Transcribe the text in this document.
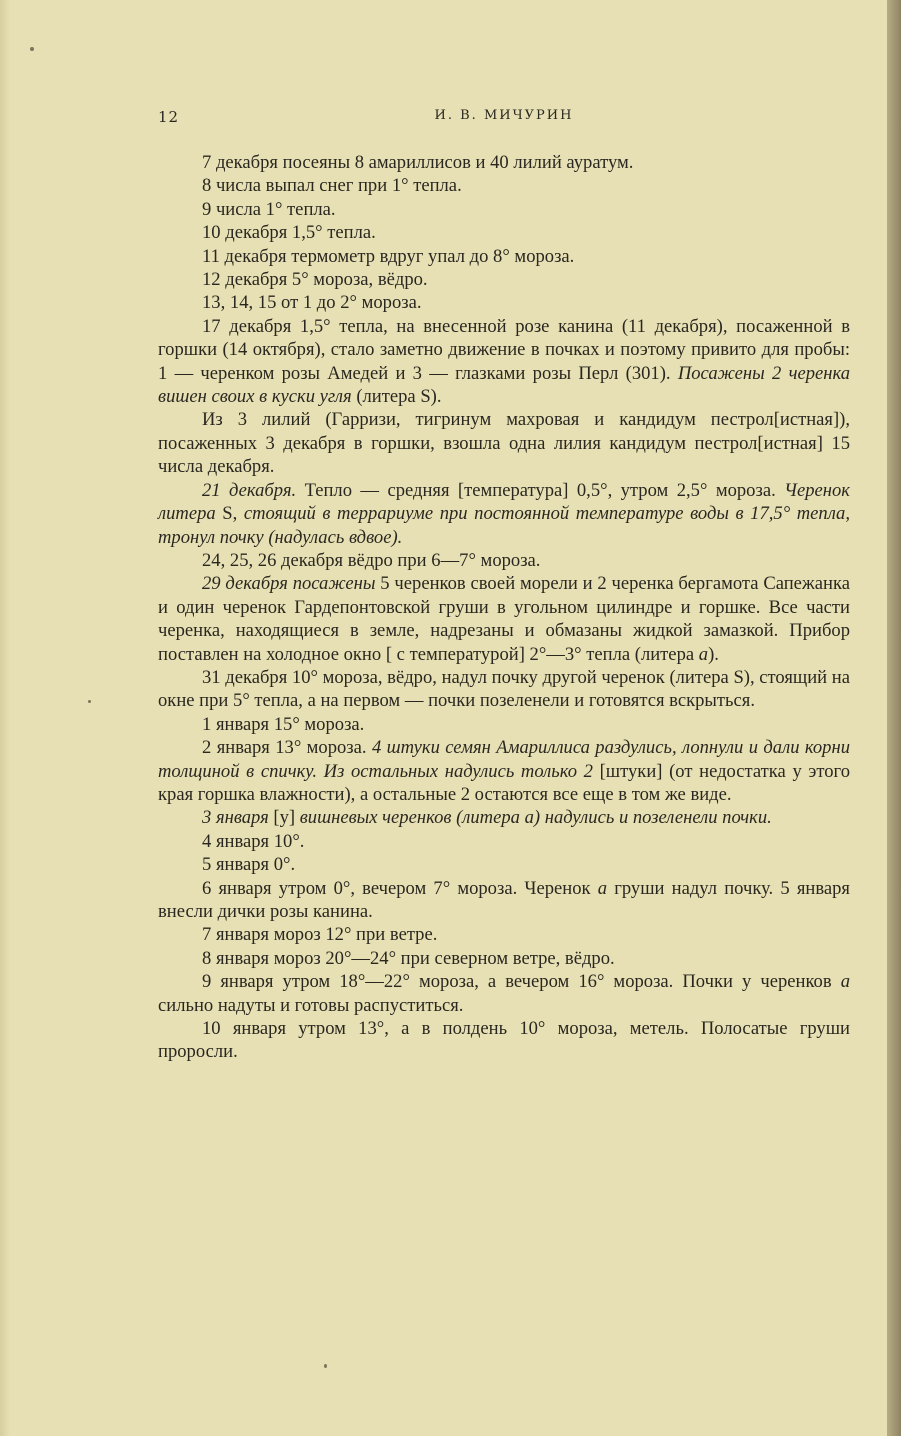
12	И. В. МИЧУРИН

7 декабря посеяны 8 амариллисов и 40 лилий ауратум.

8 числа выпал снег при 1° тепла.

9 числа 1° тепла.

10 декабря 1,5° тепла.

11 декабря термометр вдруг упал до 8° мороза.

12 декабря 5° мороза, вёдро.

13, 14, 15 от 1 до 2° мороза.

17 декабря 1,5° тепла, на внесенной розе канина (11 декабря), посаженной в горшки (14 октября), стало заметно движение в почках и поэтому привито для пробы: 1 — черенком розы Амедей и 3 — глазками розы Перл (301). Посажены 2 черенка вишен своих в куски угля (литера S).

Из 3 лилий (Гарризи, тигринум махровая и кандидум пестрол[истная]), посаженных 3 декабря в горшки, взошла одна лилия кандидум пестрол[истная] 15 числа декабря.

21 декабря. Тепло — средняя [температура] 0,5°, утром 2,5° мороза. Черенок литера S, стоящий в террариуме при постоянной температуре воды в 17,5° тепла, тронул почку (надулась вдвое).

24, 25, 26 декабря вёдро при 6—7° мороза.

29 декабря посажены 5 черенков своей морели и 2 черенка бергамота Сапежанка и один черенок Гардепонтовской груши в угольном цилиндре и горшке. Все части черенка, находящиеся в земле, надрезаны и обмазаны жидкой замазкой. Прибор поставлен на холодное окно [ с температурой] 2°—3° тепла (литера a).

31 декабря 10° мороза, вёдро, надул почку другой черенок (литера S), стоящий на окне при 5° тепла, а на первом — почки позеленели и готовятся вскрыться.

1 января 15° мороза.

2 января 13° мороза. 4 штуки семян Амариллиса раздулись, лопнули и дали корни толщиной в спичку. Из остальных надулись только 2 [штуки] (от недостатка у этого края горшка влажности), а остальные 2 остаются все еще в том же виде.

3 января [у] вишневых черенков (литера a) надулись и позеленели почки.

4 января 10°.

5 января 0°.

6 января утром 0°, вечером 7° мороза. Черенок a груши надул почку. 5 января внесли дички розы канина.

7 января мороз 12° при ветре.

8 января мороз 20°—24° при северном ветре, вёдро.

9 января утром 18°—22° мороза, а вечером 16° мороза. Почки у черенков a сильно надуты и готовы распуститься.

10 января утром 13°, а в полдень 10° мороза, метель. Полосатые груши проросли.
